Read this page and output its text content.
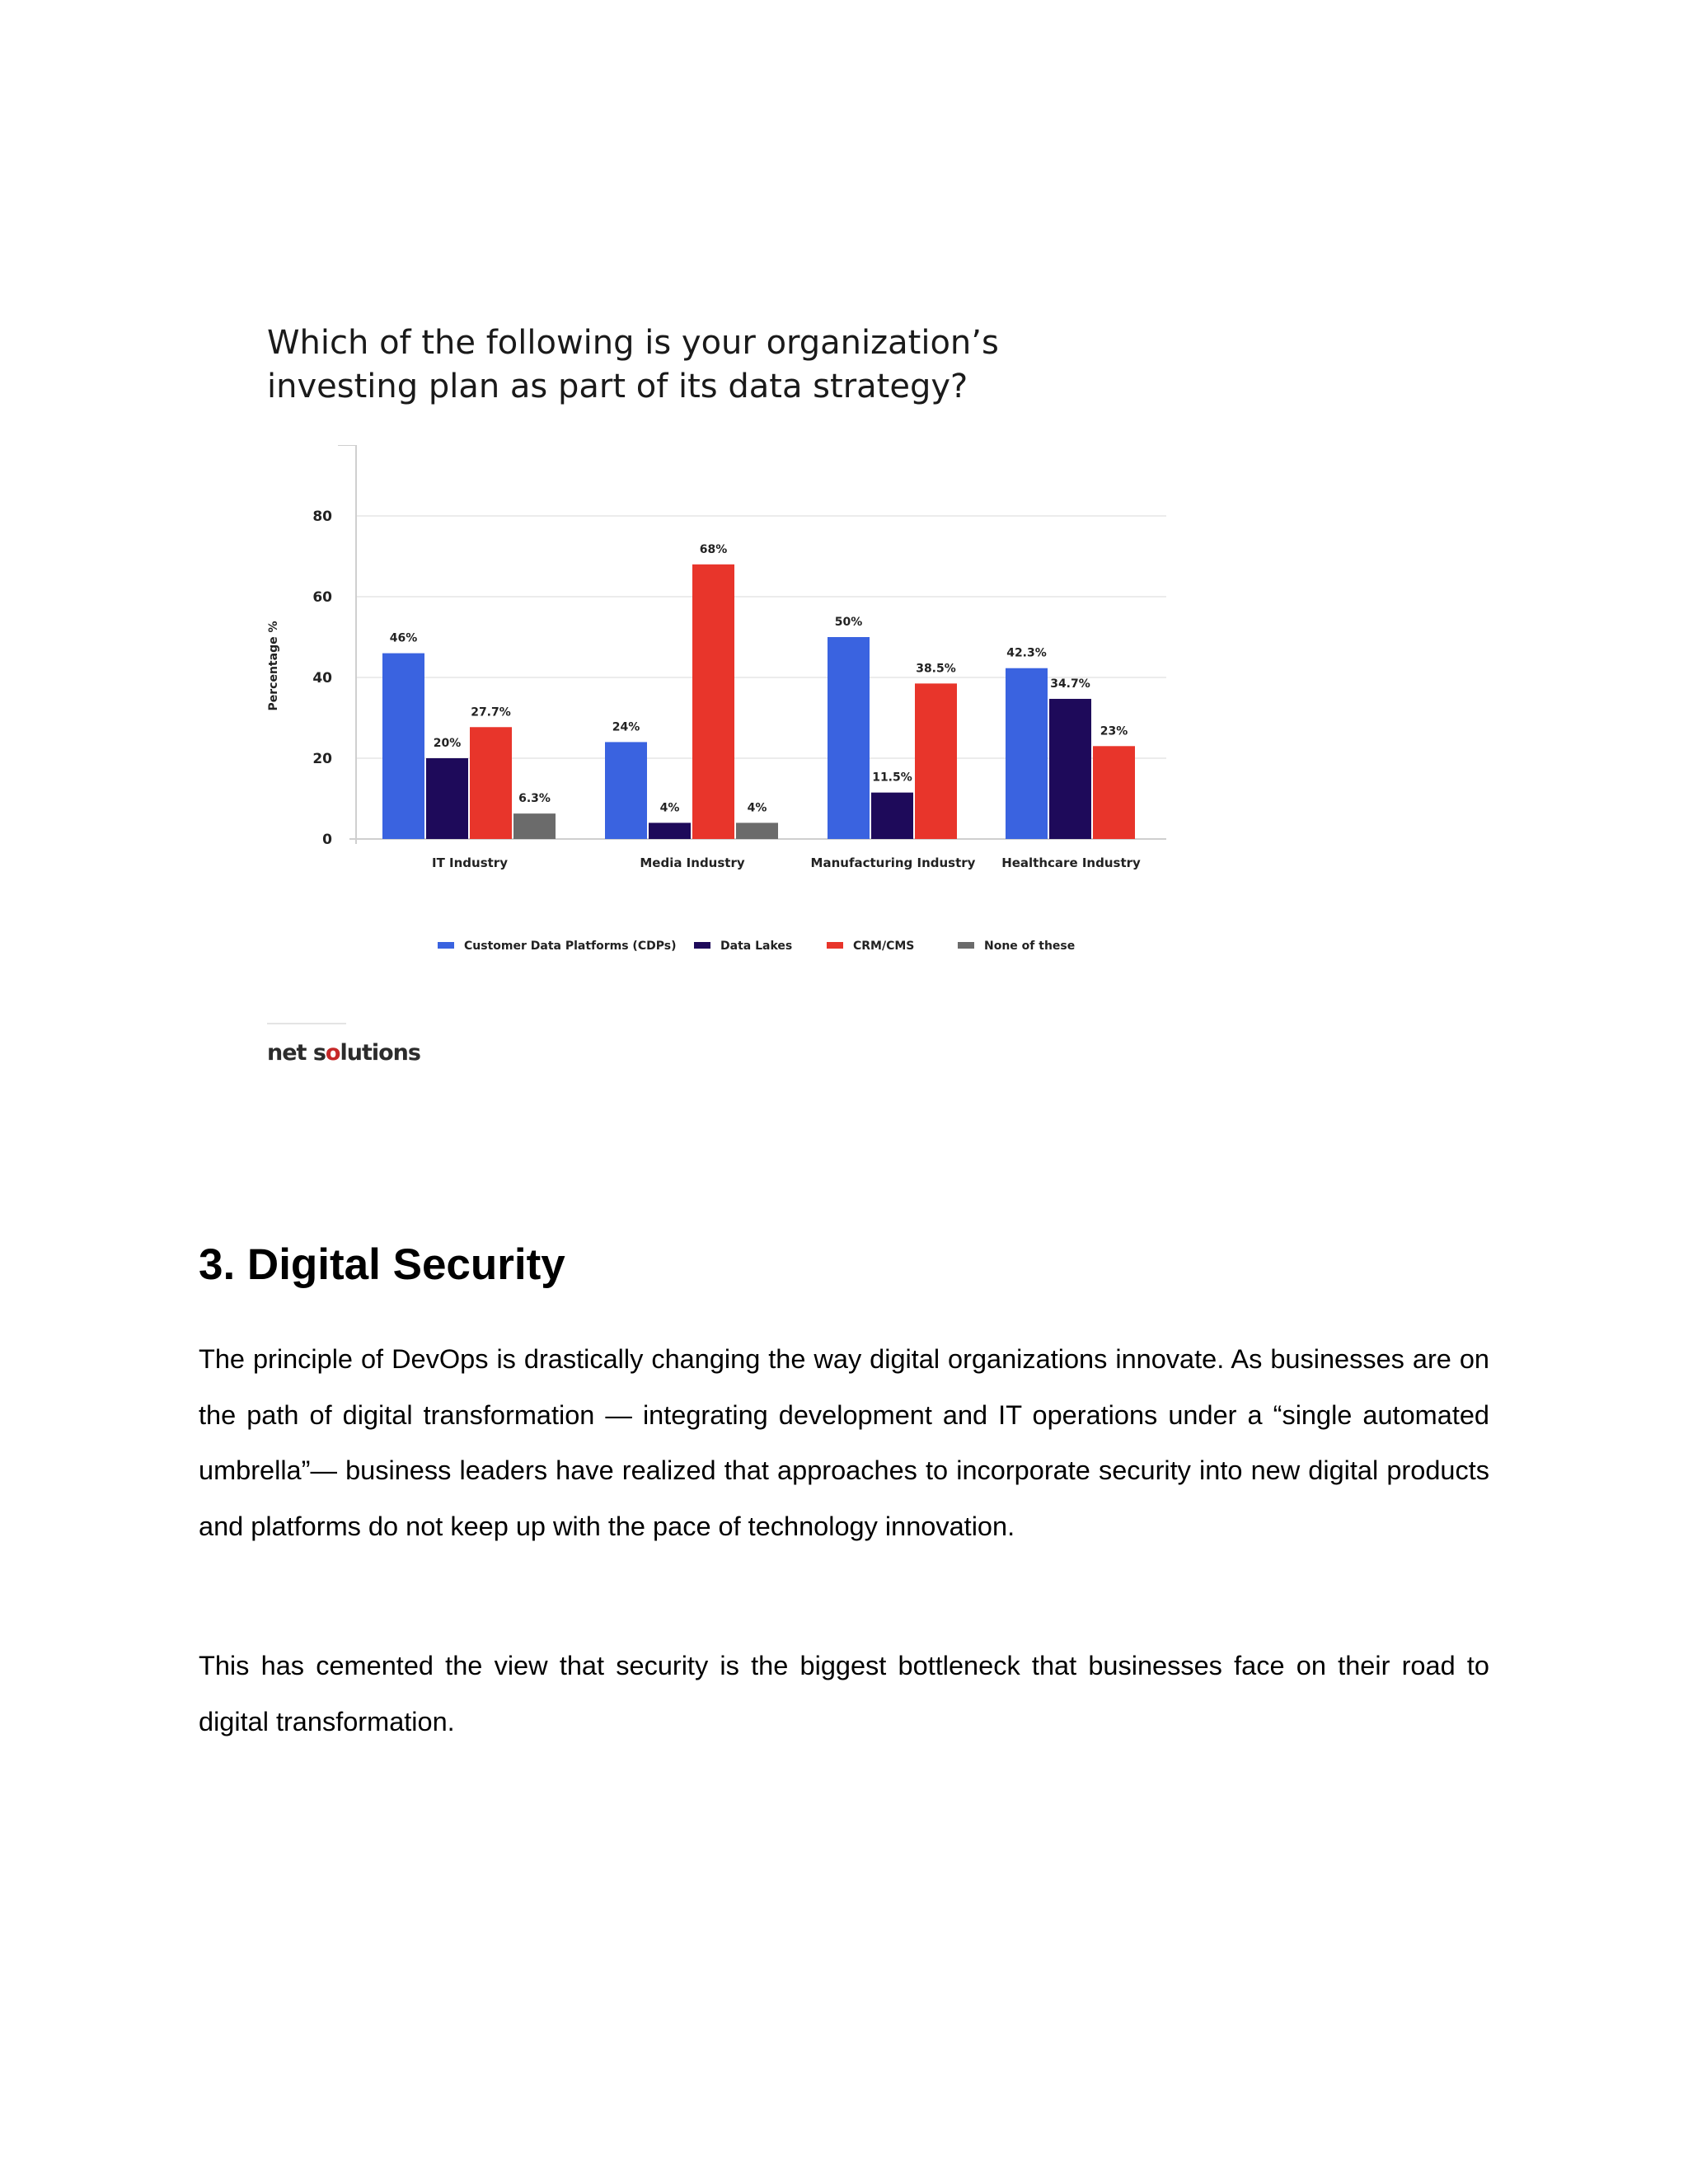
Which of the following is your organization’s
investing plan as part of its data strategy?

0
20
40
60
80
Percentage %	46%
20%
27.7%
6.3%
IT Industry
24%
4%
68%
4%
Media Industry
50%
11.5%
38.5%
Manufacturing Industry
42.3%
34.7%
23%
Healthcare Industry
Customer Data Platforms (CDPs)	Data Lakes	CRM/CMS	None of these
net solutions
3. Digital Security

The principle of DevOps is drastically changing the way digital organizations innovate. As businesses are on the path of digital transformation — integrating development and IT operations under a “single automated umbrella”— business leaders have realized that approaches to incorporate security into new digital products and platforms do not keep up with the pace of technology innovation.

This has cemented the view that security is the biggest bottleneck that businesses face on their road to digital transformation.
